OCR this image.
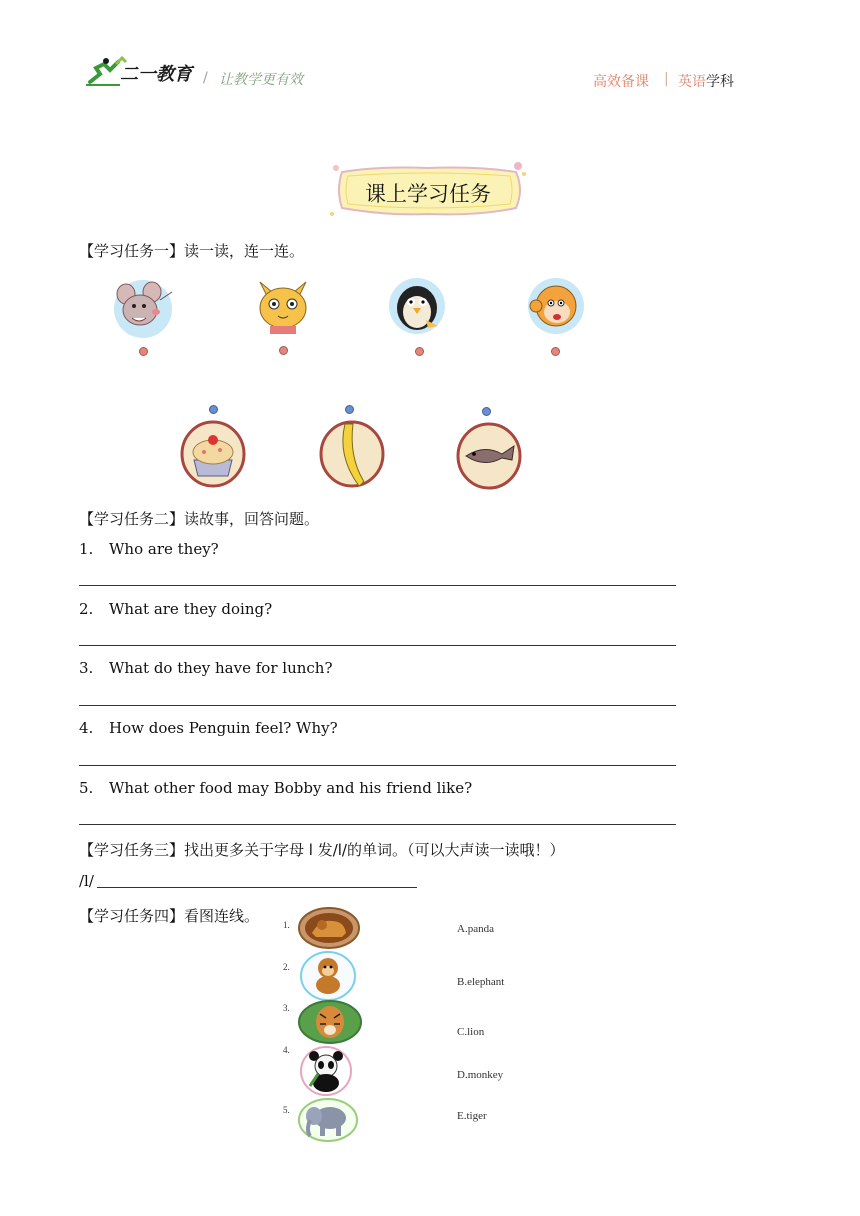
二一教育 / 让教学更有效	高效备课 | 英语 学科
课上学习任务
【学习任务一】读一读，连一连。
【学习任务二】读故事，回答问题。
1. Who are they?
2. What are they doing?
3. What do they have for lunch?
4. How does Penguin feel? Why?
5. What other food may Bobby and his friend like?
【学习任务三】找出更多关于字母 l 发/l/的单词。（可以大声读一读哦！）
/l/
【学习任务四】看图连线。	1.
2.
3.
4.
5.
A.panda
B.elephant
C.lion
D.monkey
E.tiger
